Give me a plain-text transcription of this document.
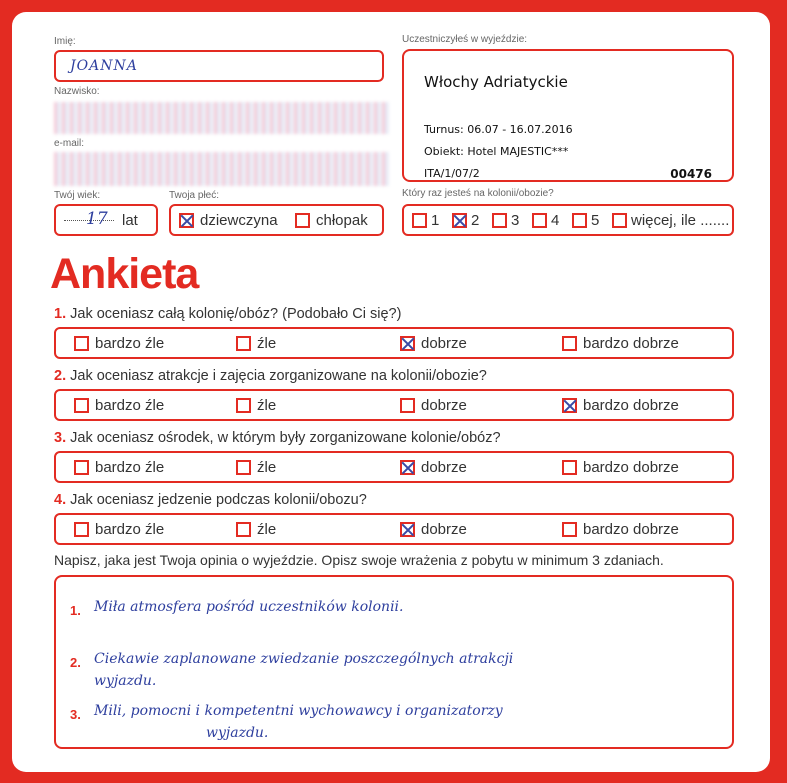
Imię:
JOANNA
Nazwisko:
e-mail:
Twój wiek:
17 lat
Twoja płeć:
dziewczyna	chłopak
Uczestniczyłeś w wyjeździe:
Włochy Adriatyckie
Turnus: 06.07 - 16.07.2016
Obiekt: Hotel MAJESTIC***
ITA/1/07/2	00476
Który raz jesteś na kolonii/obozie?
1 2 3 4 5 więcej, ile .......
Ankieta
1. Jak oceniasz całą kolonię/obóz? (Podobało Ci się?)
bardzo źle	źle	dobrze	bardzo dobrze
2. Jak oceniasz atrakcje i zajęcia zorganizowane na kolonii/obozie?
bardzo źle	źle	dobrze	bardzo dobrze
3. Jak oceniasz ośrodek, w którym były zorganizowane kolonie/obóz?
bardzo źle	źle	dobrze	bardzo dobrze
4. Jak oceniasz jedzenie podczas kolonii/obozu?
bardzo źle	źle	dobrze	bardzo dobrze
Napisz, jaka jest Twoja opinia o wyjeździe. Opisz swoje wrażenia z pobytu w minimum 3 zdaniach.
1.
2.
3.
Miła atmosfera pośród uczestników kolonii.
Ciekawie zaplanowane zwiedzanie poszczególnych atrakcji
wyjazdu.
Mili, pomocni i kompetentni wychowawcy i organizatorzy
wyjazdu.
